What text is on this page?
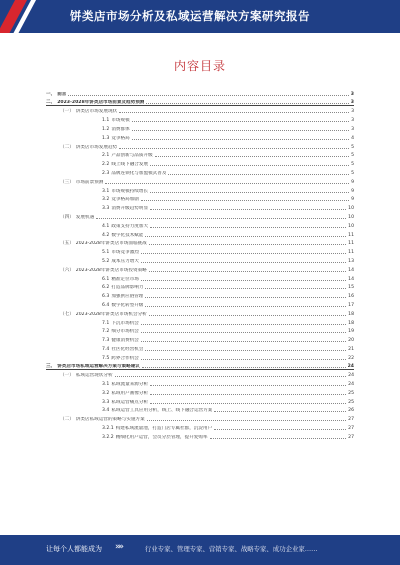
饼类店市场分析及私域运营解决方案研究报告
内容目录
一、 前言	3
二、 2023-2028年饼类店市场前景及趋势预测	3
（一） 饼类店市场发展现状	3
1.1 市场规模	3
1.2 消费群体	3
1.3 竞争格局	4
（二） 饼类店市场发展趋势	5
2.1 产品创新与品质升级	5
2.2 线上线下融合发展	5
2.3 品牌连锁化与加盟模式普及	5
（三） 市场前景预测	9
3.1 市场规模持续增长	9
3.2 竞争格局加剧	9
3.3 消费升级趋势明显	10
（四） 发展机遇	10
4.1 政策支持力度加大	10
4.2 数字化技术赋能	11
（五） 2023-2028年饼类店市场面临挑战	11
5.1 市场竞争激烈	11
5.2 成本压力增大	13
（六） 2023-2028年饼类店市场投资策略	14
6.1 精准定位市场	14
6.2 打造品牌影响力	15
6.3 加强供应链管理	16
6.4 数字化转型升级	17
（七） 2023-2028年饼类店市场机会分析	18
7.1 下沉市场机会	18
7.2 细分市场机会	19
7.3 健康消费机会	20
7.4 社区化经营机会	21
7.5 跨界合作机会	22
三、 饼类店市场私域运营解决方案与策略建议	24
（一） 私域运营现状分析	24
3.1 私域流量来源分析	24
3.2 私域用户画像分析	25
3.3 私域运营痛点分析	25
3.4 私域运营工具应用分析，线上、线下融合运营方案	26
（二） 饼类店私域运营的策略与实施方案	27
3.2.1 构建私域流量池，打造门店专属社群，沉淀用户	27
3.2.2 精细化用户运营，会员分层管理，提升复购率	27
让每个人都能成为 »»	行业专家、管理专家、营销专家、战略专家、成功企业家……
